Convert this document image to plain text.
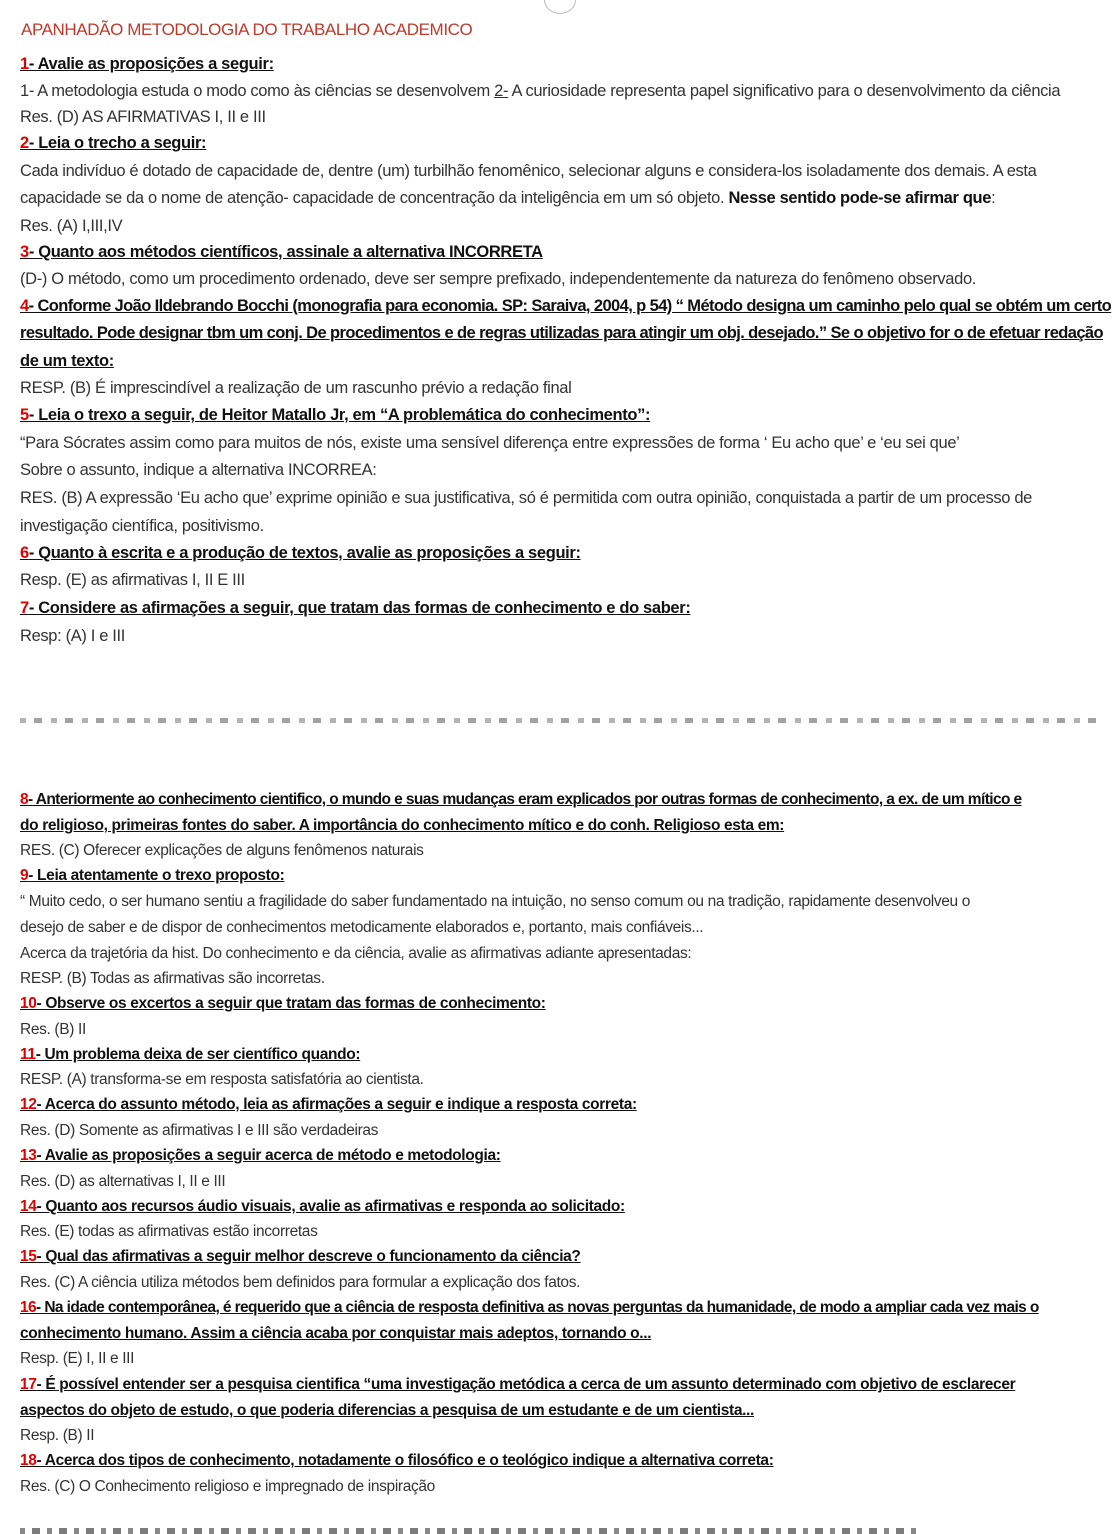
APANHADÃO METODOLOGIA DO TRABALHO ACADEMICO
1- Avalie as proposições a seguir:
1- A metodologia estuda o modo como às ciências se desenvolvem 2- A curiosidade representa papel significativo para o desenvolvimento da ciência
Res. (D) AS AFIRMATIVAS I, II e III
2- Leia o trecho a seguir:
Cada indivíduo é dotado de capacidade de, dentre (um) turbilhão fenomênico, selecionar alguns e considera-los isoladamente dos demais. A esta
capacidade se da o nome de atenção- capacidade de concentração da inteligência em um só objeto. Nesse sentido pode-se afirmar que:
Res. (A) I,III,IV
3- Quanto aos métodos científicos, assinale a alternativa INCORRETA
(D-) O método, como um procedimento ordenado, deve ser sempre prefixado, independentemente da natureza do fenômeno observado.
4- Conforme João Ildebrando Bocchi (monografia para economia. SP: Saraiva, 2004, p 54) “ Método designa um caminho pelo qual se obtém um certo
resultado. Pode designar tbm um conj. De procedimentos e de regras utilizadas para atingir um obj. desejado.” Se o objetivo for o de efetuar redação
de um texto:
RESP. (B) É imprescindível a realização de um rascunho prévio a redação final
5- Leia o trexo a seguir, de Heitor Matallo Jr, em “A problemática do conhecimento”:
“Para Sócrates assim como para muitos de nós, existe uma sensível diferença entre expressões de forma ‘ Eu acho que’ e ‘eu sei que’
Sobre o assunto, indique a alternativa INCORREA:
RES. (B) A expressão ‘Eu acho que’ exprime opinião e sua justificativa, só é permitida com outra opinião, conquistada a partir de um processo de
investigação científica, positivismo.
6- Quanto à escrita e a produção de textos, avalie as proposições a seguir:
Resp. (E) as afirmativas I, II E III
7- Considere as afirmações a seguir, que tratam das formas de conhecimento e do saber:
Resp: (A) I e III
8- Anteriormente ao conhecimento cientifico, o mundo e suas mudanças eram explicados por outras formas de conhecimento, a ex. de um mítico e
do religioso, primeiras fontes do saber. A importância do conhecimento mítico e do conh. Religioso esta em:
RES. (C) Oferecer explicações de alguns fenômenos naturais
9- Leia atentamente o trexo proposto:
“ Muito cedo, o ser humano sentiu a fragilidade do saber fundamentado na intuição, no senso comum ou na tradição, rapidamente desenvolveu o
desejo de saber e de dispor de conhecimentos metodicamente elaborados e, portanto, mais confiáveis...
Acerca da trajetória da hist. Do conhecimento e da ciência, avalie as afirmativas adiante apresentadas:
RESP. (B) Todas as afirmativas são incorretas.
10- Observe os excertos a seguir que tratam das formas de conhecimento:
Res. (B) II
11- Um problema deixa de ser científico quando:
RESP. (A) transforma-se em resposta satisfatória ao cientista.
12- Acerca do assunto método, leia as afirmações a seguir e indique a resposta correta:
Res. (D) Somente as afirmativas I e III são verdadeiras
13- Avalie as proposições a seguir acerca de método e metodologia:
Res. (D) as alternativas I, II e III
14- Quanto aos recursos áudio visuais, avalie as afirmativas e responda ao solicitado:
Res. (E) todas as afirmativas estão incorretas
15- Qual das afirmativas a seguir melhor descreve o funcionamento da ciência?
Res. (C) A ciência utiliza métodos bem definidos para formular a explicação dos fatos.
16- Na idade contemporânea, é requerido que a ciência de resposta definitiva as novas perguntas da humanidade, de modo a ampliar cada vez mais o
conhecimento humano. Assim a ciência acaba por conquistar mais adeptos, tornando o...
Resp. (E) I, II e III
17- É possível entender ser a pesquisa cientifica “uma investigação metódica a cerca de um assunto determinado com objetivo de esclarecer
aspectos do objeto de estudo, o que poderia diferencias a pesquisa de um estudante e de um cientista...
Resp. (B) II
18- Acerca dos tipos de conhecimento, notadamente o filosófico e o teológico indique a alternativa correta:
Res. (C) O Conhecimento religioso e impregnado de inspiração
